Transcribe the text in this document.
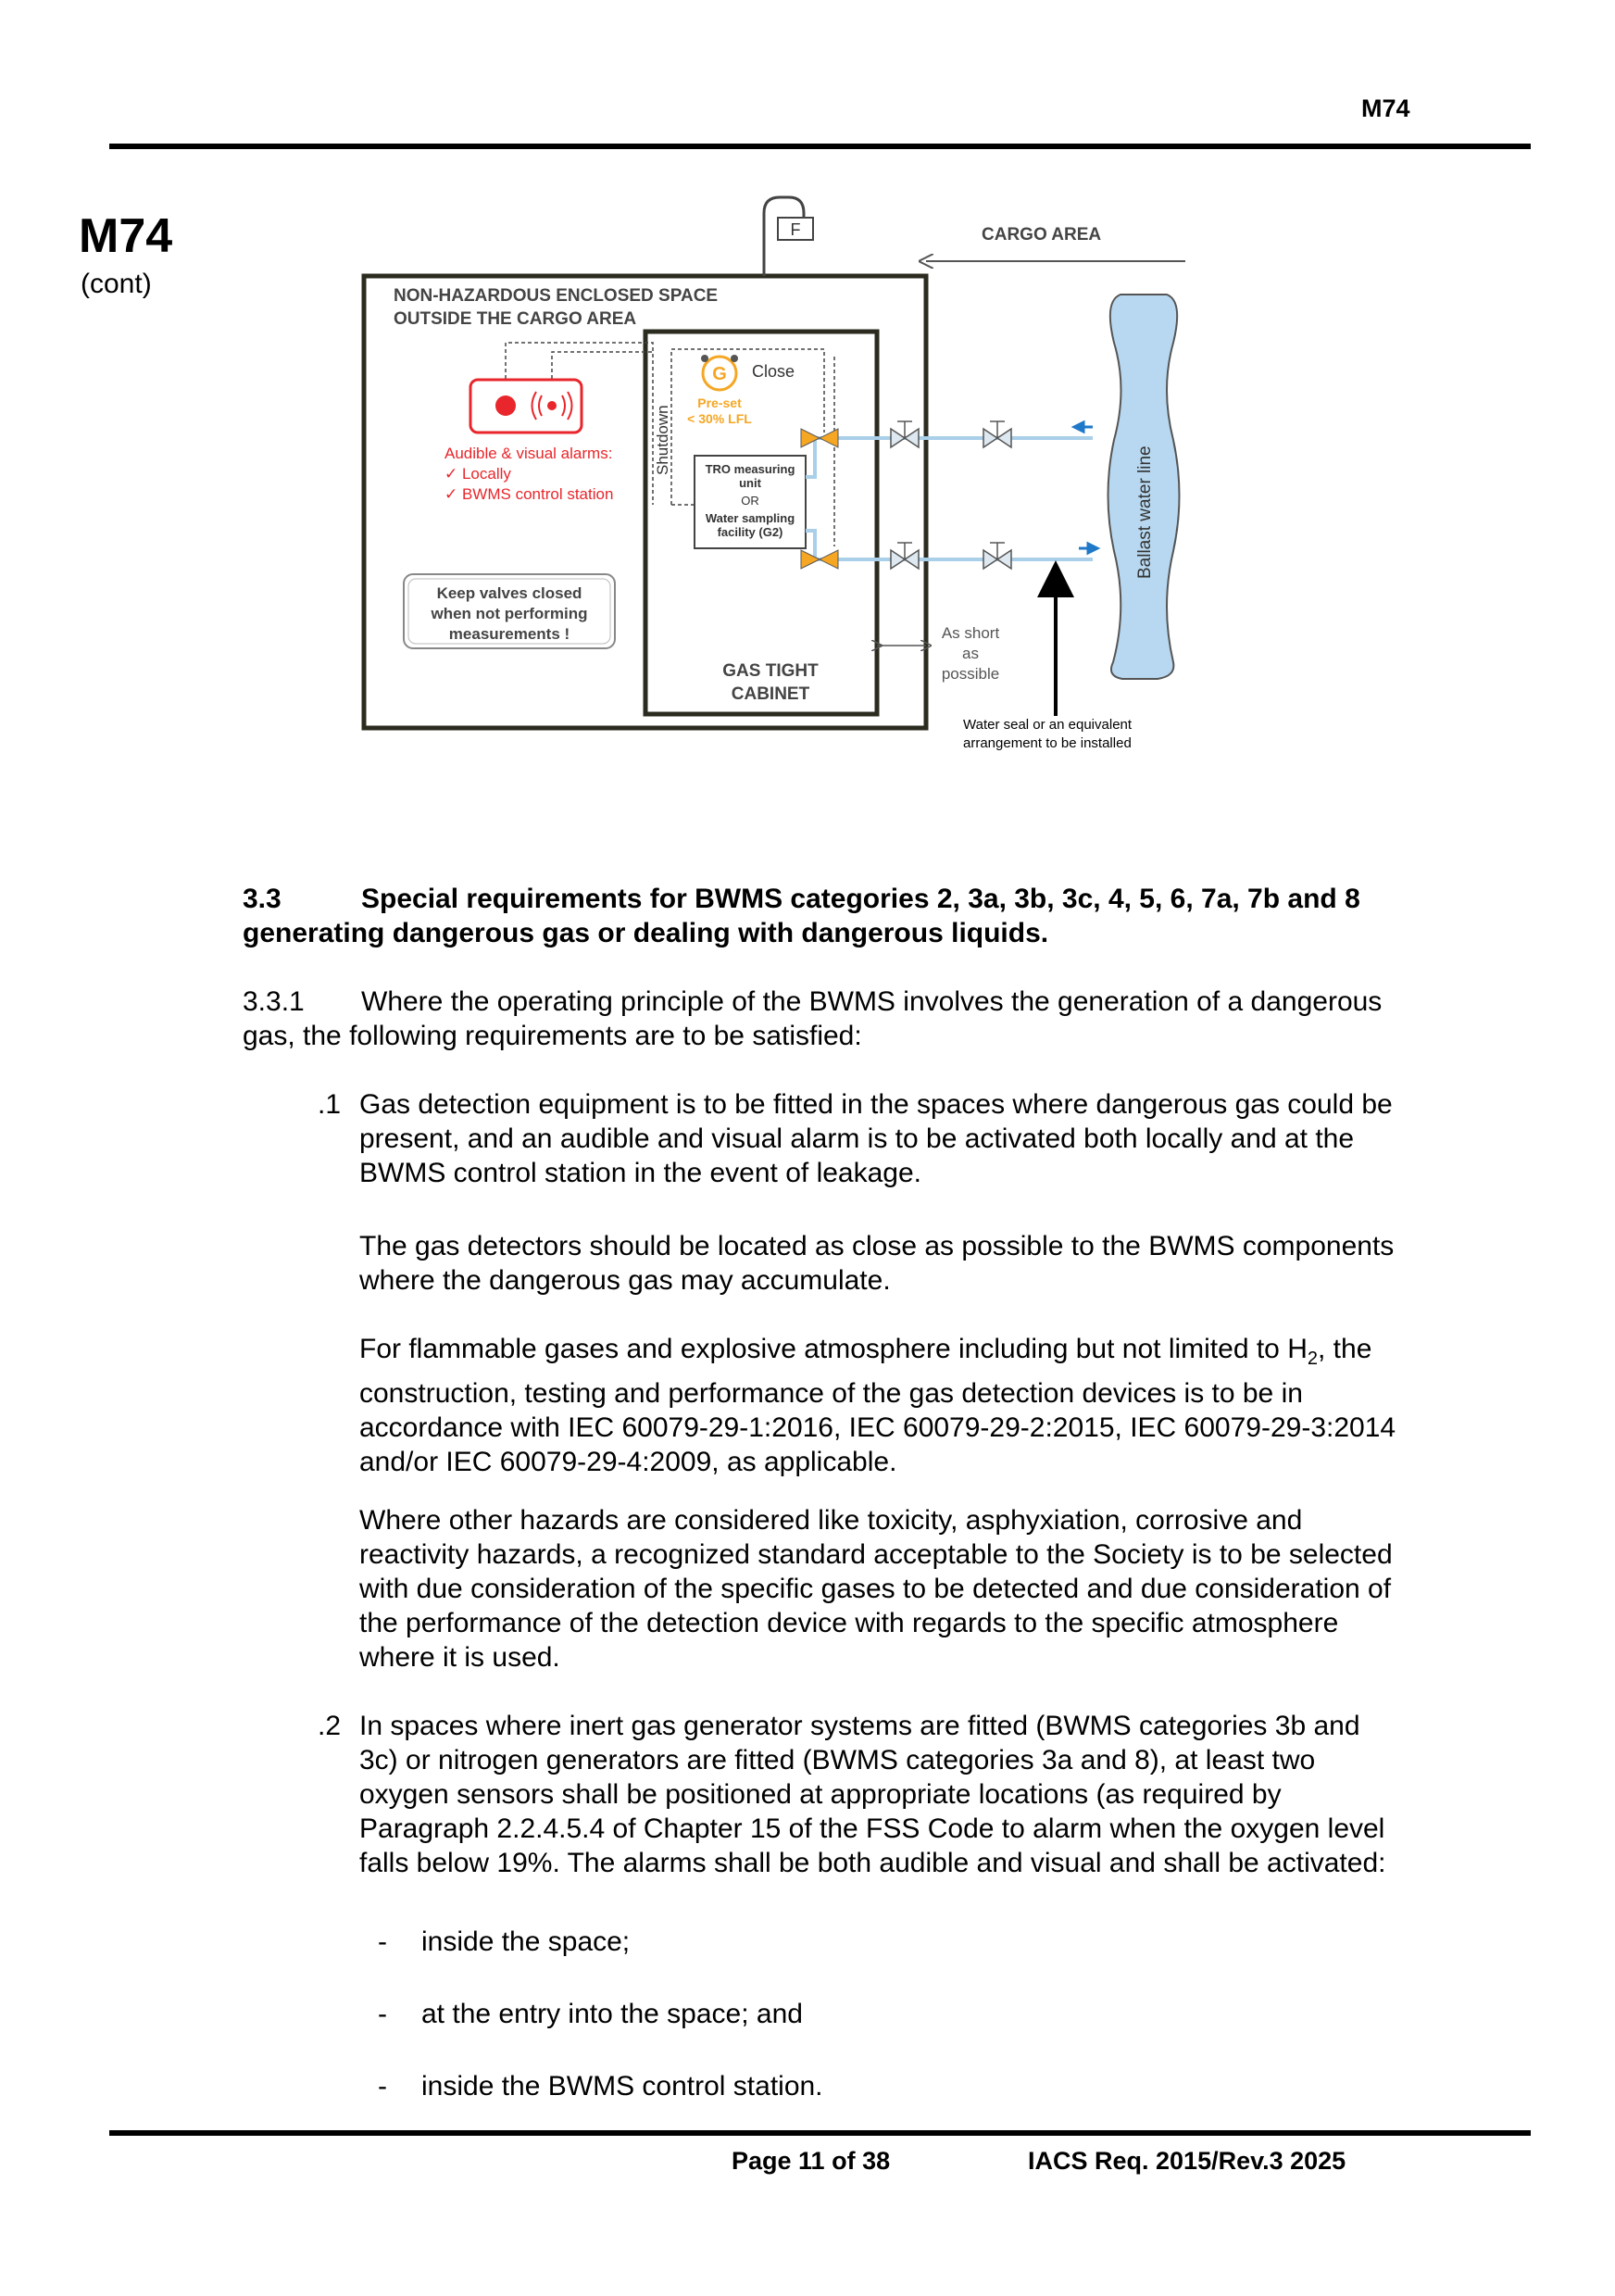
M74
M74
(cont)	NON-HAZARDOUS ENCLOSED SPACE
OUTSIDE THE CARGO AREA
F	CARGO AREA
GAS TIGHT
CABINET
Shutdown
G Close
Pre-set
< 30% LFL
Audible & visual alarms:
✓ Locally
✓ BWMS control station
TRO measuring
unit
OR
Water sampling
facility (G2)	Ballast water line
Keep valves closed
when not performing
measurements !	As short
as
possible
Water seal or an equivalent
arrangement to be installed
3.3	Special requirements for BWMS categories 2, 3a, 3b, 3c, 4, 5, 6, 7a, 7b and 8
generating dangerous gas or dealing with dangerous liquids.
3.3.1	Where the operating principle of the BWMS involves the generation of a dangerous
gas, the following requirements are to be satisfied:
.1 Gas detection equipment is to be fitted in the spaces where dangerous gas could be
present, and an audible and visual alarm is to be activated both locally and at the
BWMS control station in the event of leakage.
The gas detectors should be located as close as possible to the BWMS components
where the dangerous gas may accumulate.
For flammable gases and explosive atmosphere including but not limited to $H_2$, the
construction, testing and performance of the gas detection devices is to be in
accordance with IEC 60079-29-1:2016, IEC 60079-29-2:2015, IEC 60079-29-3:2014
and/or IEC 60079-29-4:2009, as applicable.
Where other hazards are considered like toxicity, asphyxiation, corrosive and
reactivity hazards, a recognized standard acceptable to the Society is to be selected
with due consideration of the specific gases to be detected and due consideration of
the performance of the detection device with regards to the specific atmosphere
where it is used.
.2 In spaces where inert gas generator systems are fitted (BWMS categories 3b and
3c) or nitrogen generators are fitted (BWMS categories 3a and 8), at least two
oxygen sensors shall be positioned at appropriate locations (as required by
Paragraph 2.2.4.5.4 of Chapter 15 of the FSS Code to alarm when the oxygen level
falls below 19%. The alarms shall be both audible and visual and shall be activated:
- inside the space;
- at the entry into the space; and
- inside the BWMS control station.
Page 11 of 38	IACS Req. 2015/Rev.3 2025
